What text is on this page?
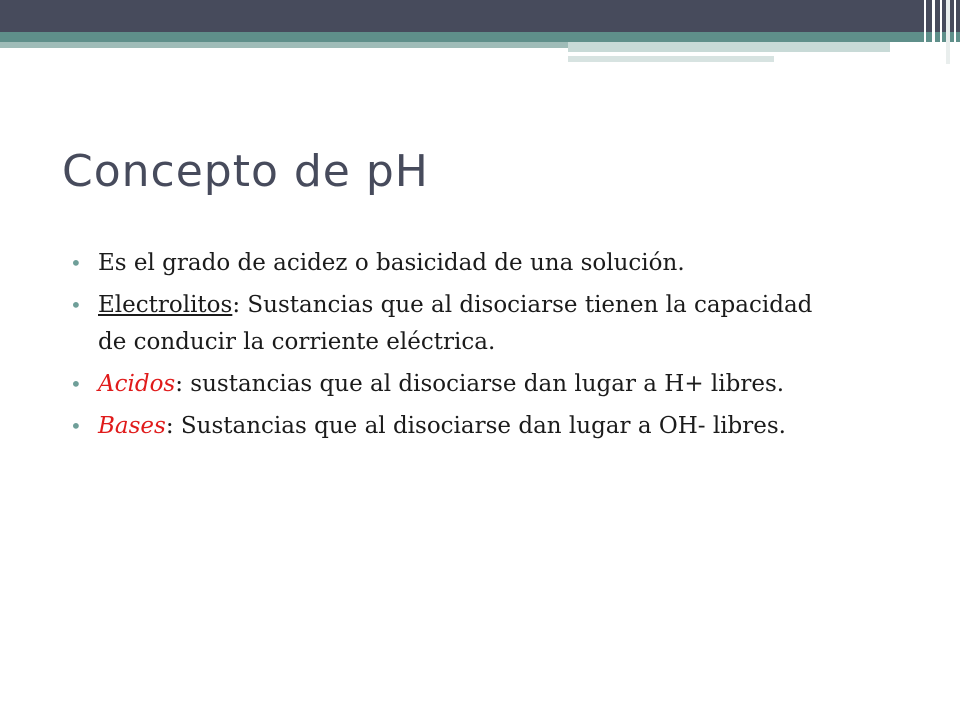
Concepto de pH
• Es el grado de acidez o basicidad de una solución.
• Electrolitos: Sustancias que al disociarse tienen la capacidad de conducir la corriente eléctrica.
• Acidos: sustancias que al disociarse dan lugar a H+ libres.
• Bases: Sustancias que al disociarse dan lugar a OH- libres.
